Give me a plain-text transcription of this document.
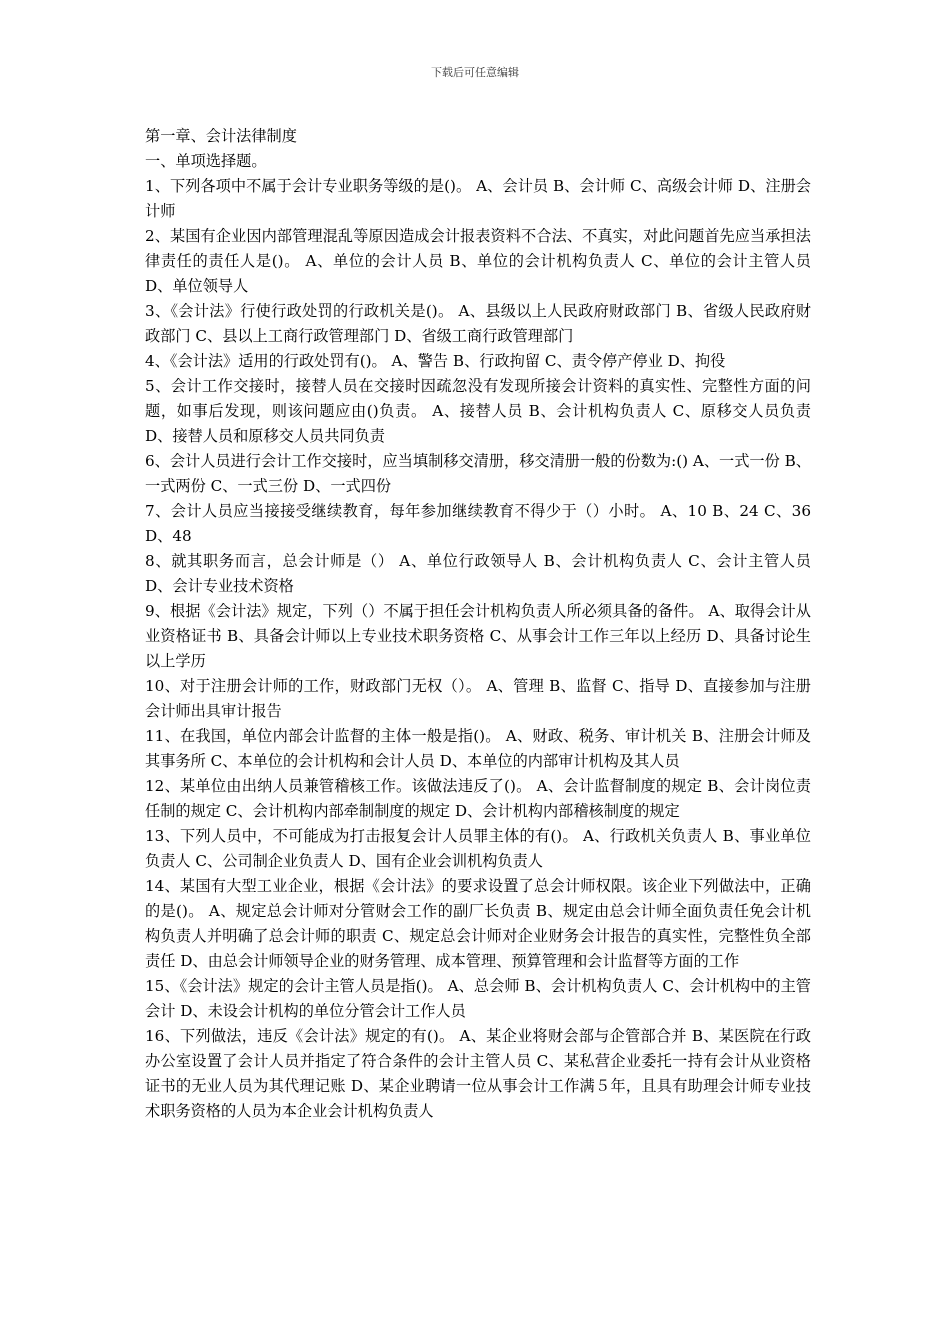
下载后可任意编辑

第一章、会计法律制度

一、单项选择题。

1、下列各项中不属于会计专业职务等级的是()。 A、会计员 B、会计师 C、高级会计师 D、注册会计师

2、某国有企业因内部管理混乱等原因造成会计报表资料不合法、不真实，对此问题首先应当承担法律责任的责任人是()。 A、单位的会计人员 B、单位的会计机构负责人 C、单位的会计主管人员 D、单位领导人

3、《会计法》行使行政处罚的行政机关是()。 A、县级以上人民政府财政部门 B、省级人民政府财政部门 C、县以上工商行政管理部门 D、省级工商行政管理部门

4、《会计法》适用的行政处罚有()。 A、警告 B、行政拘留 C、责令停产停业 D、拘役

5、会计工作交接时，接替人员在交接时因疏忽没有发现所接会计资料的真实性、完整性方面的问题，如事后发现，则该问题应由()负责。 A、接替人员 B、会计机构负责人 C、原移交人员负责 D、接替人员和原移交人员共同负责

6、会计人员进行会计工作交接时，应当填制移交清册，移交清册一般的份数为:() A、一式一份 B、一式两份 C、一式三份 D、一式四份

7、会计人员应当接接受继续教育，每年参加继续教育不得少于（）小时。 A、10 B、24 C、36 D、48

8、就其职务而言，总会计师是（） A、单位行政领导人 B、会计机构负责人 C、会计主管人员 D、会计专业技术资格

9、根据《会计法》规定，下列（）不属于担任会计机构负责人所必须具备的备件。 A、取得会计从业资格证书 B、具备会计师以上专业技术职务资格 C、从事会计工作三年以上经历 D、具备讨论生以上学历

10、对于注册会计师的工作，财政部门无权（）。 A、管理 B、监督 C、指导 D、直接参加与注册会计师出具审计报告

11、在我国，单位内部会计监督的主体一般是指()。 A、财政、税务、审计机关 B、注册会计师及其事务所 C、本单位的会计机构和会计人员 D、本单位的内部审计机构及其人员

12、某单位由出纳人员兼管稽核工作。该做法违反了()。 A、会计监督制度的规定 B、会计岗位责任制的规定 C、会计机构内部牵制制度的规定 D、会计机构内部稽核制度的规定

13、下列人员中，不可能成为打击报复会计人员罪主体的有()。 A、行政机关负责人 B、事业单位负责人 C、公司制企业负责人 D、国有企业会训机构负责人

14、某国有大型工业企业，根据《会计法》的要求设置了总会计师权限。该企业下列做法中，正确的是()。 A、规定总会计师对分管财会工作的副厂长负责 B、规定由总会计师全面负责任免会计机构负责人并明确了总会计师的职责 C、规定总会计师对企业财务会计报告的真实性，完整性负全部责任 D、由总会计师领导企业的财务管理、成本管理、预算管理和会计监督等方面的工作

15、《会计法》规定的会计主管人员是指()。 A、总会师 B、会计机构负责人 C、会计机构中的主管会计 D、未设会计机构的单位分管会计工作人员

16、下列做法，违反《会计法》规定的有()。 A、某企业将财会部与企管部合并 B、某医院在行政办公室设置了会计人员并指定了符合条件的会计主管人员 C、某私营企业委托一持有会计从业资格证书的无业人员为其代理记账 D、某企业聘请一位从事会计工作满５年，且具有助理会计师专业技术职务资格的人员为本企业会计机构负责人
